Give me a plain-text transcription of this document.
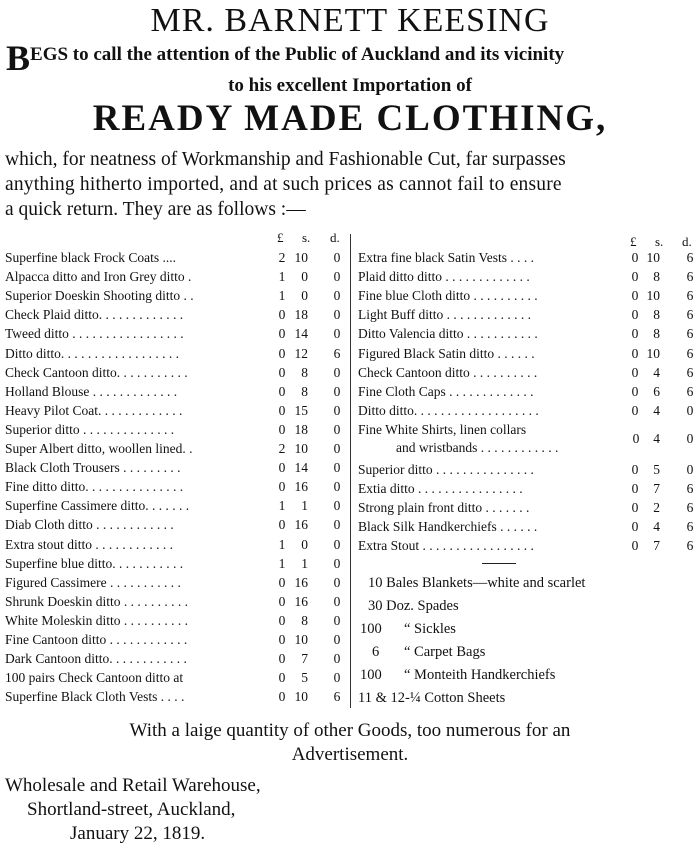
MR. BARNETT KEESING
BEGS to call the attention of the Public of Auckland and its vicinity
to his excellent Importation of
READY MADE CLOTHING,
which, for neatness of Workmanship and Fashionable Cut, far surpasses
anything hitherto imported, and at such prices as cannot fail to ensure
a quick return. They are as follows :—
£ s. d.	£ s. d.
Superfine black Frock Coats ....	2 10 0
Alpacca ditto and Iron Grey ditto .	1	0 0
Superior Doeskin Shooting ditto . .	1	0 0
Check Plaid ditto. . . . . . . . . . . . .	0 18 0
Tweed ditto . . . . . . . . . . . . . . . . .	0 14 0
Ditto ditto. . . . . . . . . . . . . . . . . .	0 12 6
Check Cantoon ditto. . . . . . . . . . .	0	8 0
Holland Blouse . . . . . . . . . . . . .	0	8 0
Heavy Pilot Coat. . . . . . . . . . . . .	0 15 0
Superior ditto . . . . . . . . . . . . . .	0 18 0
Super Albert ditto, woollen lined. .	2 10 0
Black Cloth Trousers . . . . . . . . .	0 14 0
Fine ditto ditto. . . . . . . . . . . . . . .	0 16 0
Superfine Cassimere ditto. . . . . . .	1	1 0
Diab Cloth ditto . . . . . . . . . . . .	0 16 0
Extra stout ditto . . . . . . . . . . . .	1	0 0
Superfine blue ditto. . . . . . . . . . .	1	1 0
Figured Cassimere . . . . . . . . . . .	0 16 0
Shrunk Doeskin ditto . . . . . . . . . .	0 16 0
White Moleskin ditto . . . . . . . . . .	0	8 0
Fine Cantoon ditto . . . . . . . . . . . .	0 10 0
Dark Cantoon ditto. . . . . . . . . . . .	0	7 0
100 pairs Check Cantoon ditto at	0	5 0
Superfine Black Cloth Vests . . . .	0 10 6
Extra fine black Satin Vests . . . .	0 10 6
Plaid ditto ditto . . . . . . . . . . . . .	0	8 6
Fine blue Cloth ditto . . . . . . . . . .	0 10 6
Light Buff ditto . . . . . . . . . . . . .	0	8 6
Ditto Valencia ditto . . . . . . . . . . .	0	8 6
Figured Black Satin ditto . . . . . .	0 10 6
Check Cantoon ditto . . . . . . . . . .	0	4 6
Fine Cloth Caps . . . . . . . . . . . . .	0	6 6
Ditto ditto. . . . . . . . . . . . . . . . . . .	0	4 0
Fine White Shirts, linen collars
and wristbands . . . . . . . . . . . .
0	4 0
Superior ditto . . . . . . . . . . . . . . .	0	5 0
Extia ditto . . . . . . . . . . . . . . . .	0	7 6
Strong plain front ditto . . . . . . .	0	2 6
Black Silk Handkerchiefs . . . . . .	0	4 6
Extra Stout . . . . . . . . . . . . . . . . .	0	7 6
10 Bales Blankets—white and scarlet
30 Doz. Spades
100 “ Sickles
6 “ Carpet Bags
100 “ Monteith Handkerchiefs
11 & 12-¼ Cotton Sheets
With a laige quantity of other Goods, too numerous for an
Advertisement.
Wholesale and Retail Warehouse,
Shortland-street, Auckland,
January 22, 1819.
